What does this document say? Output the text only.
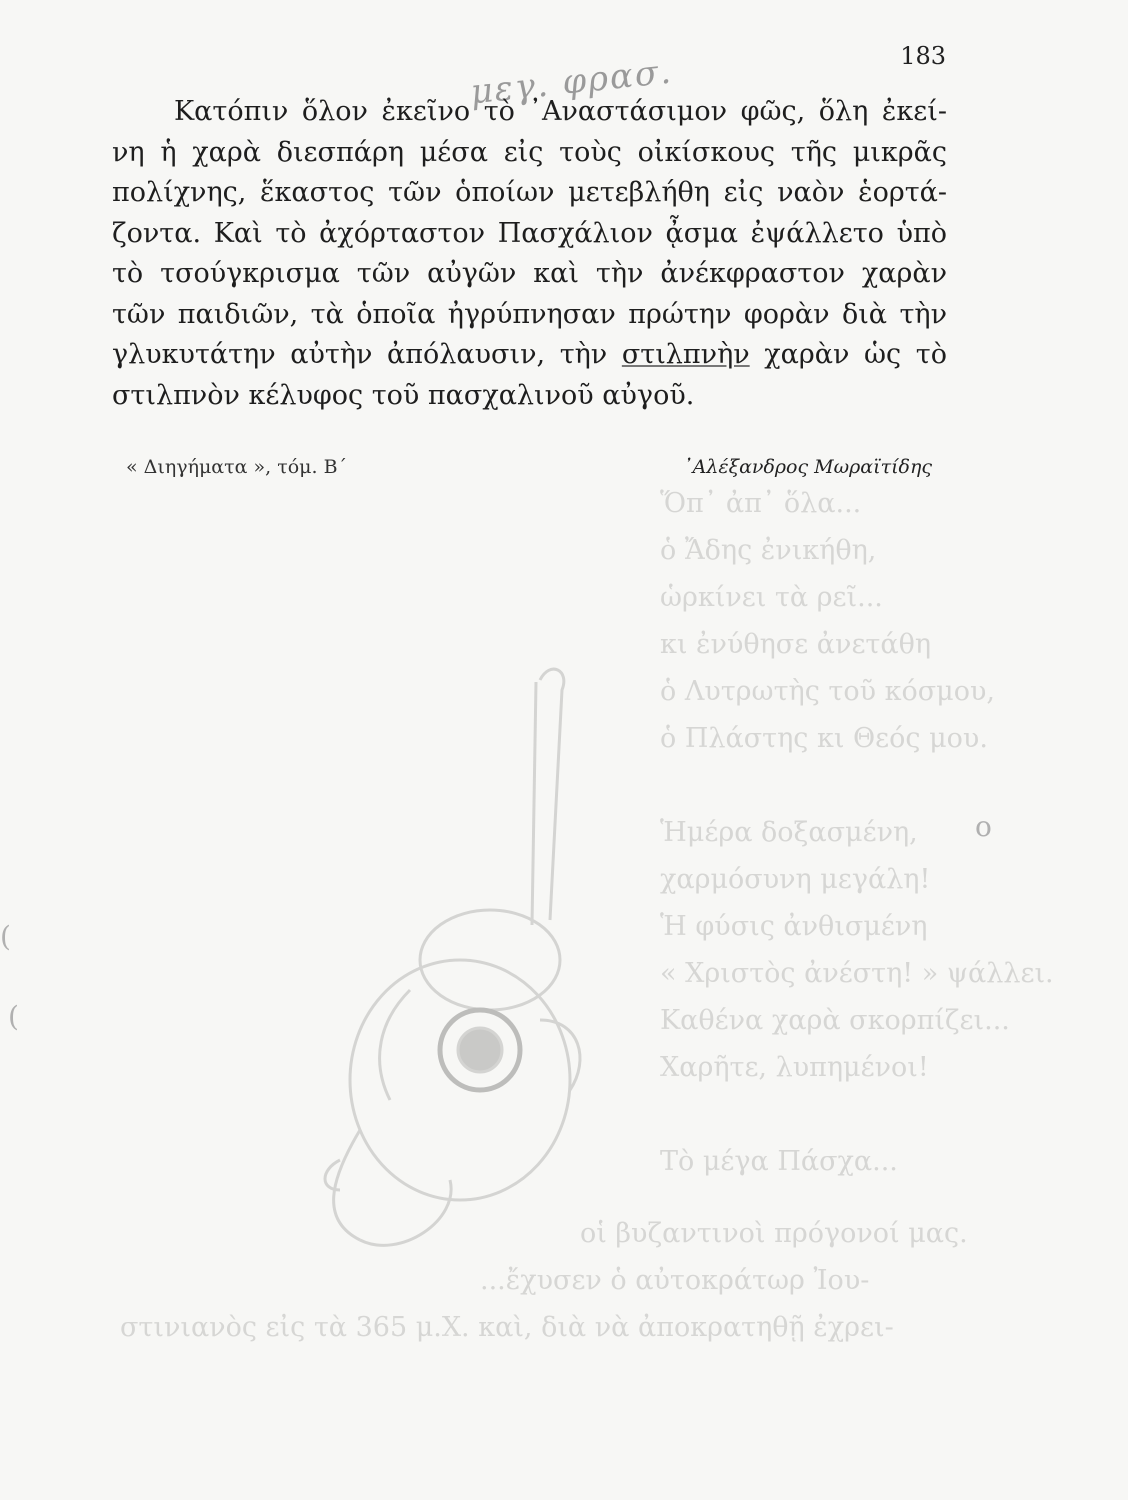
Ὅπ᾿ ἀπ᾿ ὅλα...
ὁ Ἄδης ἐνικήθη,
ὡρκίνει τὰ ρεῖ...
κι ἐνύθησε ἀνετάθη
ὁ Λυτρωτὴς τοῦ κόσμου,
ὁ Πλάστης κι Θεός μου.

Ἡμέρα δοξασμένη,
χαρμόσυνη μεγάλη!
Ἡ φύσις ἀνθισμένη
« Χριστὸς ἀνέστη! » ψάλλει.
Καθένα χαρὰ σκορπίζει...
Χαρῆτε, λυπημένοι!

Τὸ μέγα Πάσχα...
οἱ βυζαντινοὶ πρόγονοί μας.
...ἔχυσεν ὁ αὐτοκράτωρ Ἰου-
στινιανὸς εἰς τὰ 365 μ.Χ. καὶ, διὰ νὰ ἀποκρατηθῇ ἐχρει-
(
(
o
μεγ. φρασ.	183
Κατόπιν ὅλον ἐκεῖνο τὸ ᾿Αναστάσιμον φῶς, ὅλη ἐκεί-
νη ἡ χαρὰ διεσπάρη μέσα εἰς τοὺς οἰκίσκους τῆς μικρᾶς
πολίχνης, ἕκαστος τῶν ὁποίων μετεβλήθη εἰς ναὸν ἑορτά-
ζοντα. Καὶ τὸ ἀχόρταστον Πασχάλιον ᾆσμα ἐψάλλετο ὑπὸ
τὸ τσούγκρισμα τῶν αὐγῶν καὶ τὴν ἀνέκφραστον χαρὰν
τῶν παιδιῶν, τὰ ὁποῖα ἠγρύπνησαν πρώτην φορὰν διὰ τὴν
γλυκυτάτην αὐτὴν ἀπόλαυσιν, τὴν στιλπνὴν χαρὰν ὡς τὸ
στιλπνὸν κέλυφος τοῦ πασχαλινοῦ αὐγοῦ.
« Διηγήματα », τόμ. Β΄	᾿Αλέξανδρος Μωραϊτίδης
